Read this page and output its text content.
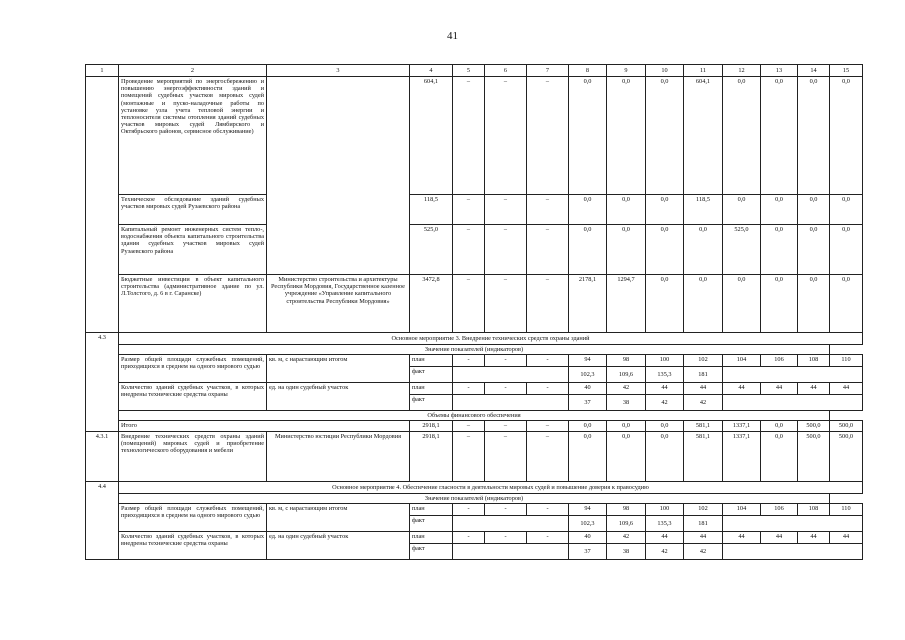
41
1	2	3	4	5	6	7	8	9	10	11	12	13	14	15
	Проведение мероприятий по энергосбережению и повышению энергоэффективности зданий и помещений судебных участков мировых судей (монтажные и пуско-наладочные работы по установке узла учета тепловой энергии и теплоносителя системы отопления зданий судебных участков мировых судей Лямбирского и Октябрьского районов, сервисное обслуживание)		604,1	–	–	–	0,0	0,0	0,0	604,1	0,0	0,0	0,0	0,0
	Техническое обследование зданий судебных участков мировых судей Рузаевского района		118,5	–	–	–	0,0	0,0	0,0	118,5	0,0	0,0	0,0	0,0
	Капитальный ремонт инженерных систем тепло-, водоснабжения объекта капитального строительства здания судебных участков мировых судей Рузаевского района		525,0	–	–	–	0,0	0,0	0,0	0,0	525,0	0,0	0,0	0,0
	Бюджетные инвестиции в объект капитального строительства (административное здание по ул. Л.Толстого, д. 6 в г. Саранске)	Министерство строительства и архитектуры Республики Мордовия, Государственное казенное учреждение «Управление капитального строительства Республики Мордовия»	3472,8	–	–	–	2178,1	1294,7	0,0	0,0	0,0	0,0	0,0	0,0
4.3	Основное мероприятие 3. Внедрение технических средств охраны зданий													
	Значение показателей (индикаторов)													
	Размер общей площади служебных помещений, приходящихся в среднем на одного мирового судью	кв. м, с нарастающим итогом	план	-	-	-	94	98	100	102	104	106	108	110
			факт				102,3	109,6	135,3	181				
	Количество зданий судебных участков, в которых внедрены технические средства охраны	ед. на один судебный участок	план	-	-	-	40	42	44	44	44	44	44	44
			факт				37	38	42	42				
	Объемы финансового обеспечения													
	Итого		2918,1	–	–	–	0,0	0,0	0,0	581,1	1337,1	0,0	500,0	500,0
4.3.1	Внедрение технических средств охраны зданий (помещений) мировых судей и приобретение технологического оборудования и мебели	Министерство юстиции Республики Мордовия	2918,1	–	–	–	0,0	0,0	0,0	581,1	1337,1	0,0	500,0	500,0
4.4	Основное мероприятие 4. Обеспечение гласности в деятельности мировых судей и повышение доверия к правосудию													
	Значение показателей (индикаторов)													
	Размер общей площади служебных помещений, приходящихся в среднем на одного мирового судью	кв. м, с нарастающим итогом	план	-	-	-	94	98	100	102	104	106	108	110
			факт				102,3	109,6	135,3	181				
	Количество зданий судебных участков, в которых внедрены технические средства охраны	ед. на один судебный участок	план	-	-	-	40	42	44	44	44	44	44	44
			факт				37	38	42	42				
